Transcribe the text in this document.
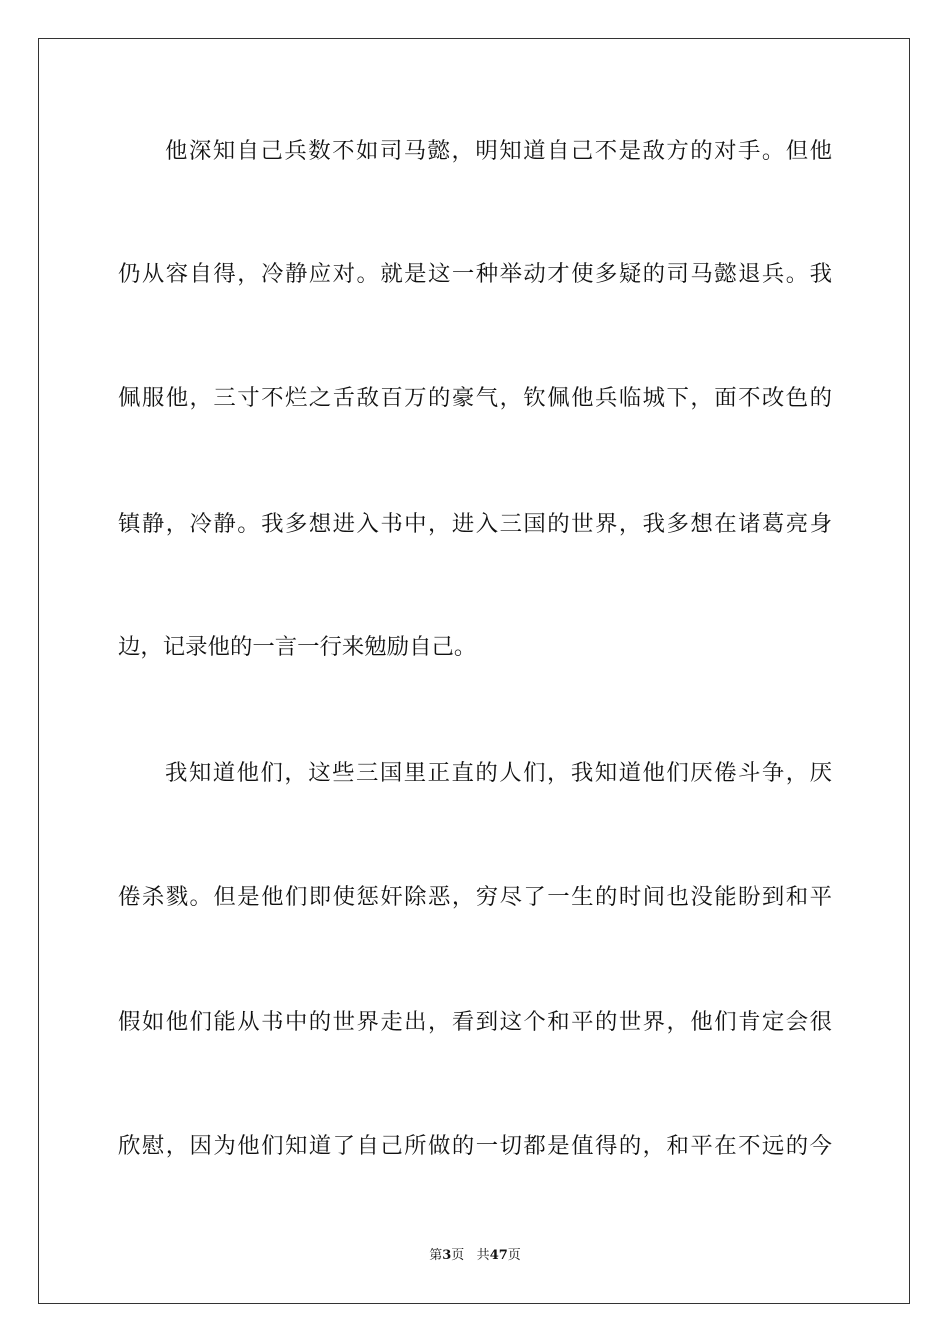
他深知自己兵数不如司马懿，明知道自己不是敌方的对手。但他
仍从容自得，冷静应对。就是这一种举动才使多疑的司马懿退兵。我
佩服他，三寸不烂之舌敌百万的豪气，钦佩他兵临城下，面不改色的
镇静，冷静。我多想进入书中，进入三国的世界，我多想在诸葛亮身
边，记录他的一言一行来勉励自己。
我知道他们，这些三国里正直的人们，我知道他们厌倦斗争，厌
倦杀戮。但是他们即使惩奸除恶，穷尽了一生的时间也没能盼到和平
假如他们能从书中的世界走出，看到这个和平的世界，他们肯定会很
欣慰，因为他们知道了自己所做的一切都是值得的，和平在不远的今
第3页 共47页
